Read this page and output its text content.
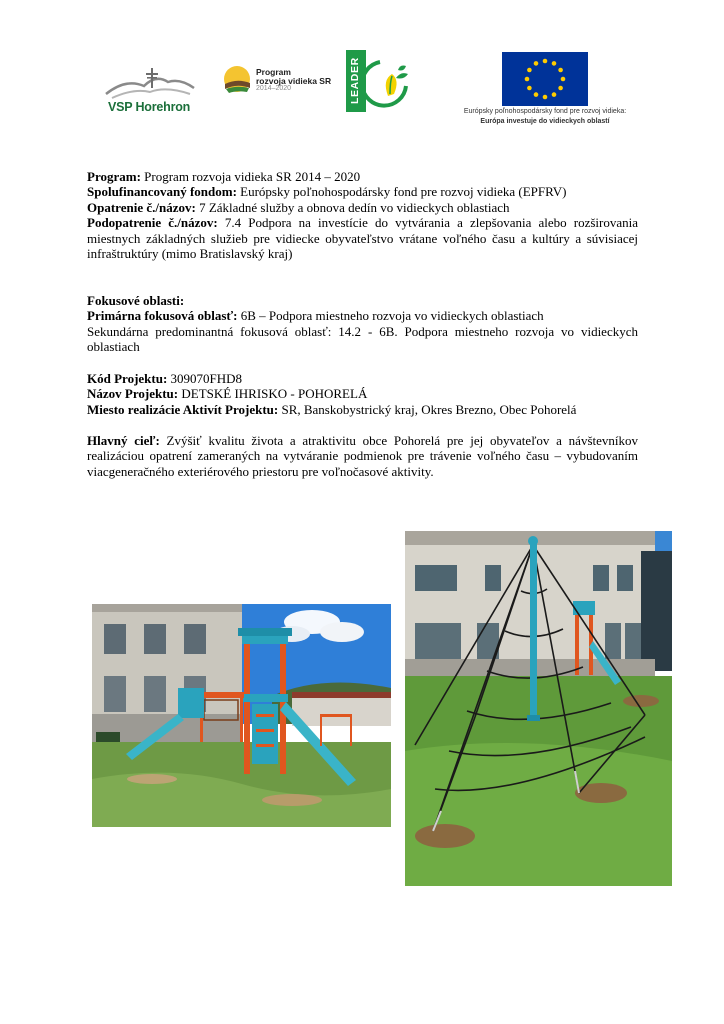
VSP Horehron
Program
rozvoja vidieka SR
2014–2020	LEADER
Európsky poľnohospodársky fond pre rozvoj vidieka:
Európa investuje do vidieckych oblastí
Program: Program rozvoja vidieka SR 2014 – 2020
Spolufinancovaný fondom: Európsky poľnohospodársky fond pre rozvoj vidieka (EPFRV)
Opatrenie č./názov: 7 Základné služby a obnova dedín vo vidieckych oblastiach
Podopatrenie č./názov: 7.4 Podpora na investície do vytvárania a zlepšovania alebo rozširovania miestnych základných služieb pre vidiecke obyvateľstvo vrátane voľného času a kultúry a súvisiacej infraštruktúry (mimo Bratislavský kraj)
Fokusové oblasti:
Primárna fokusová oblasť: 6B – Podpora miestneho rozvoja vo vidieckych oblastiach
Sekundárna predominantná fokusová oblasť: 14.2 - 6B. Podpora miestneho rozvoja vo vidieckych oblastiach
Kód Projektu: 309070FHD8
Názov Projektu: DETSKÉ IHRISKO - POHORELÁ
Miesto realizácie Aktivít Projektu: SR, Banskobystrický kraj, Okres Brezno, Obec Pohorelá
Hlavný cieľ: Zvýšiť kvalitu života a atraktivitu obce Pohorelá pre jej obyvateľov a návštevníkov realizáciou opatrení zameraných na vytváranie podmienok pre trávenie voľného času – vybudovaním viacgeneračného exteriérového priestoru pre voľnočasové aktivity.
